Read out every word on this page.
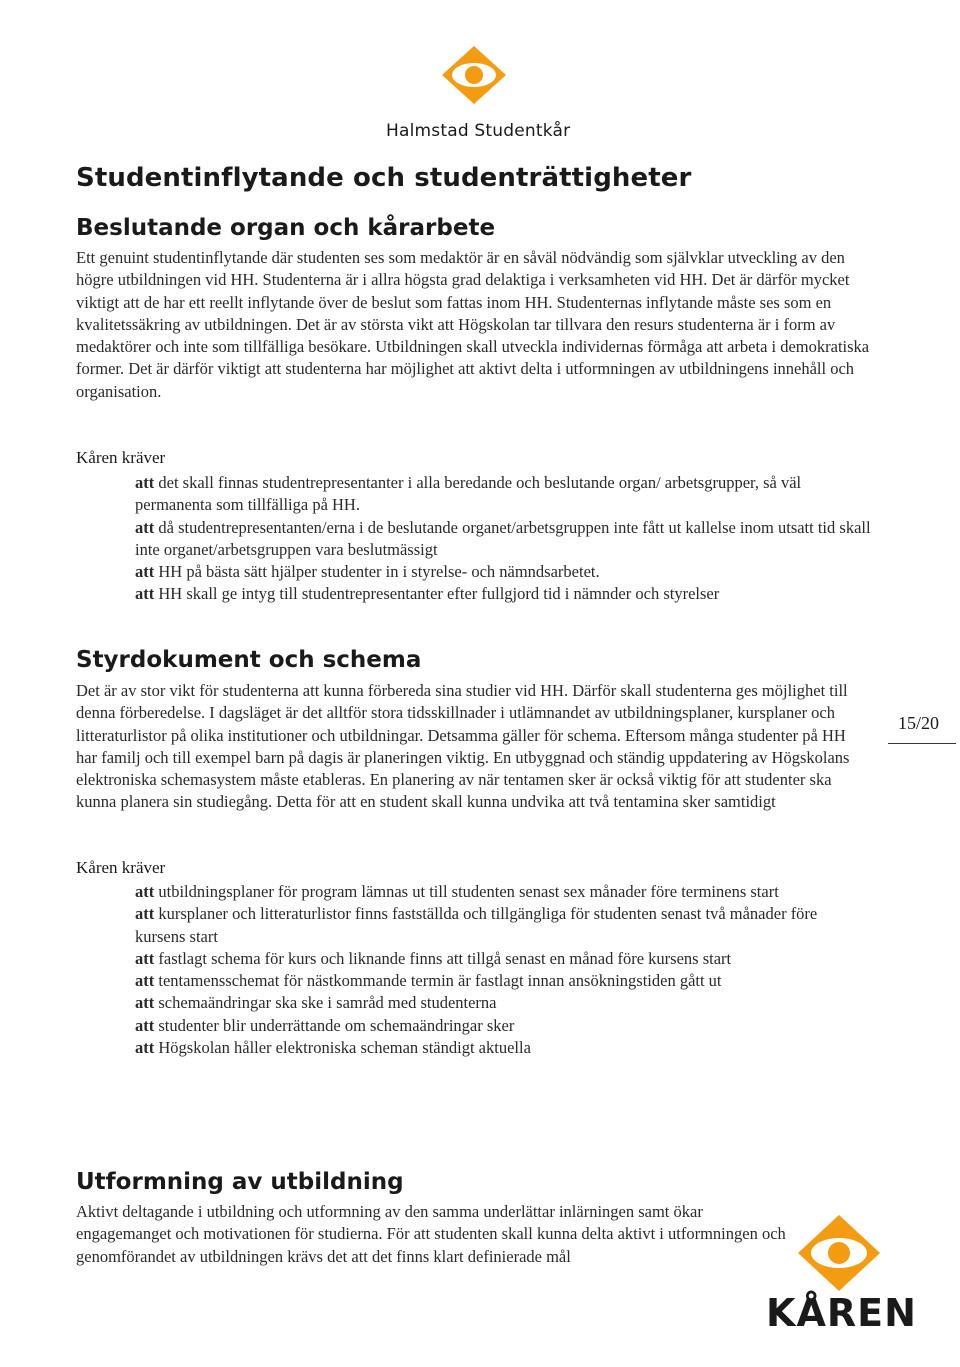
Halmstad Studentkår
Studentinflytande och studenträttigheter
Beslutande organ och kårarbete

Ett genuint studentinflytande där studenten ses som medaktör är en såväl nödvändig som självklar utveckling av den högre utbildningen vid HH. Studenterna är i allra högsta grad delaktiga i verksamheten vid HH. Det är därför mycket viktigt att de har ett reellt inflytande över de beslut som fattas inom HH. Studenternas inflytande måste ses som en kvalitetssäkring av utbildningen. Det är av största vikt att Högskolan tar tillvara den resurs studenterna är i form av medaktörer och inte som tillfälliga besökare. Utbildningen skall utveckla individernas förmåga att arbeta i demokratiska former. Det är därför viktigt att studenterna har möjlighet att aktivt delta i utformningen av utbildningens innehåll och organisation.

Kåren kräver
att det skall finnas studentrepresentanter i alla beredande och beslutande organ/ arbetsgrupper, så väl permanenta som tillfälliga på HH.
att då studentrepresentanten/erna i de beslutande organet/arbetsgruppen inte fått ut kallelse inom utsatt tid skall inte organet/arbetsgruppen vara beslutmässigt
att HH på bästa sätt hjälper studenter in i styrelse- och nämndsarbetet.
att HH skall ge intyg till studentrepresentanter efter fullgjord tid i nämnder och styrelser
Styrdokument och schema

Det är av stor vikt för studenterna att kunna förbereda sina studier vid HH. Därför skall studenterna ges möjlighet till denna förberedelse. I dagsläget är det alltför stora tidsskillnader i utlämnandet av utbildningsplaner, kursplaner och litteraturlistor på olika institutioner och utbildningar. Detsamma gäller för schema. Eftersom många studenter på HH har familj och till exempel barn på dagis är planeringen viktig. En utbyggnad och ständig uppdatering av Högskolans elektroniska schemasystem måste etableras. En planering av när tentamen sker är också viktig för att studenter ska kunna planera sin studiegång. Detta för att en student skall kunna undvika att två tentamina sker samtidigt

Kåren kräver
att utbildningsplaner för program lämnas ut till studenten senast sex månader före terminens start
att kursplaner och litteraturlistor finns fastställda och tillgängliga för studenten senast två månader före kursens start
att fastlagt schema för kurs och liknande finns att tillgå senast en månad före kursens start
att tentamensschemat för nästkommande termin är fastlagt innan ansökningstiden gått ut
att schemaändringar ska ske i samråd med studenterna
att studenter blir underrättande om schemaändringar sker
att Högskolan håller elektroniska scheman ständigt aktuella
Utformning av utbildning

Aktivt deltagande i utbildning och utformning av den samma underlättar inlärningen samt ökar engagemanget och motivationen för studierna. För att studenten skall kunna delta aktivt i utformningen och genomförandet av utbildningen krävs det att det finns klart definierade mål

15/20
KÅREN
